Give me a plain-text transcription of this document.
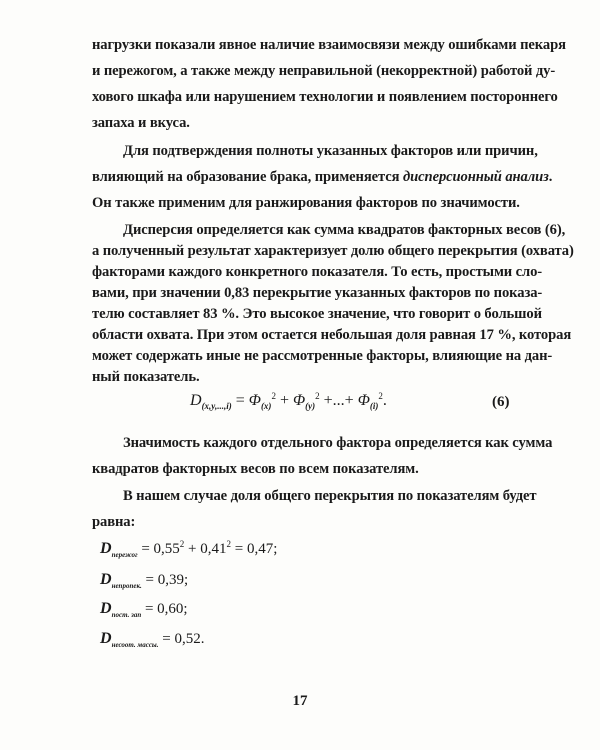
нагрузки показали явное наличие взаимосвязи между ошибками пекаря
и пережогом, а также между неправильной (некорректной) работой ду-
хового шкафа или нарушением технологии и появлением постороннего
запаха и вкуса.
Для подтверждения полноты указанных факторов или причин,
влияющий на образование брака, применяется дисперсионный анализ.
Он также применим для ранжирования факторов по значимости.
Дисперсия определяется как сумма квадратов факторных весов (6),
а полученный результат характеризует долю общего перекрытия (охвата)
факторами каждого конкретного показателя. То есть, простыми сло-
вами, при значении 0,83 перекрытие указанных факторов по показа-
телю составляет 83 %. Это высокое значение, что говорит о большой
области охвата. При этом остается небольшая доля равная 17 %, которая
может содержать иные не рассмотренные факторы, влияющие на дан-
$D_{(x,y,...,i)} = \Phi_{(x)}^2 + \Phi_{(y)}^2$ +...+ $\Phi_{(i)}^2$.	(6)
Значимость каждого отдельного фактора определяется как сумма
квадратов факторных весов по всем показателям.
В нашем случае доля общего перекрытия по показателям будет
равна:
$D_{пережог} = 0,55^2 + 0,41^2 = 0,47$;
$D_{непропек.} = 0,39$;
$D_{пост. зап} = 0,60$;
$D_{несоот. массы.} = 0,52$.
17
ный показатель.
